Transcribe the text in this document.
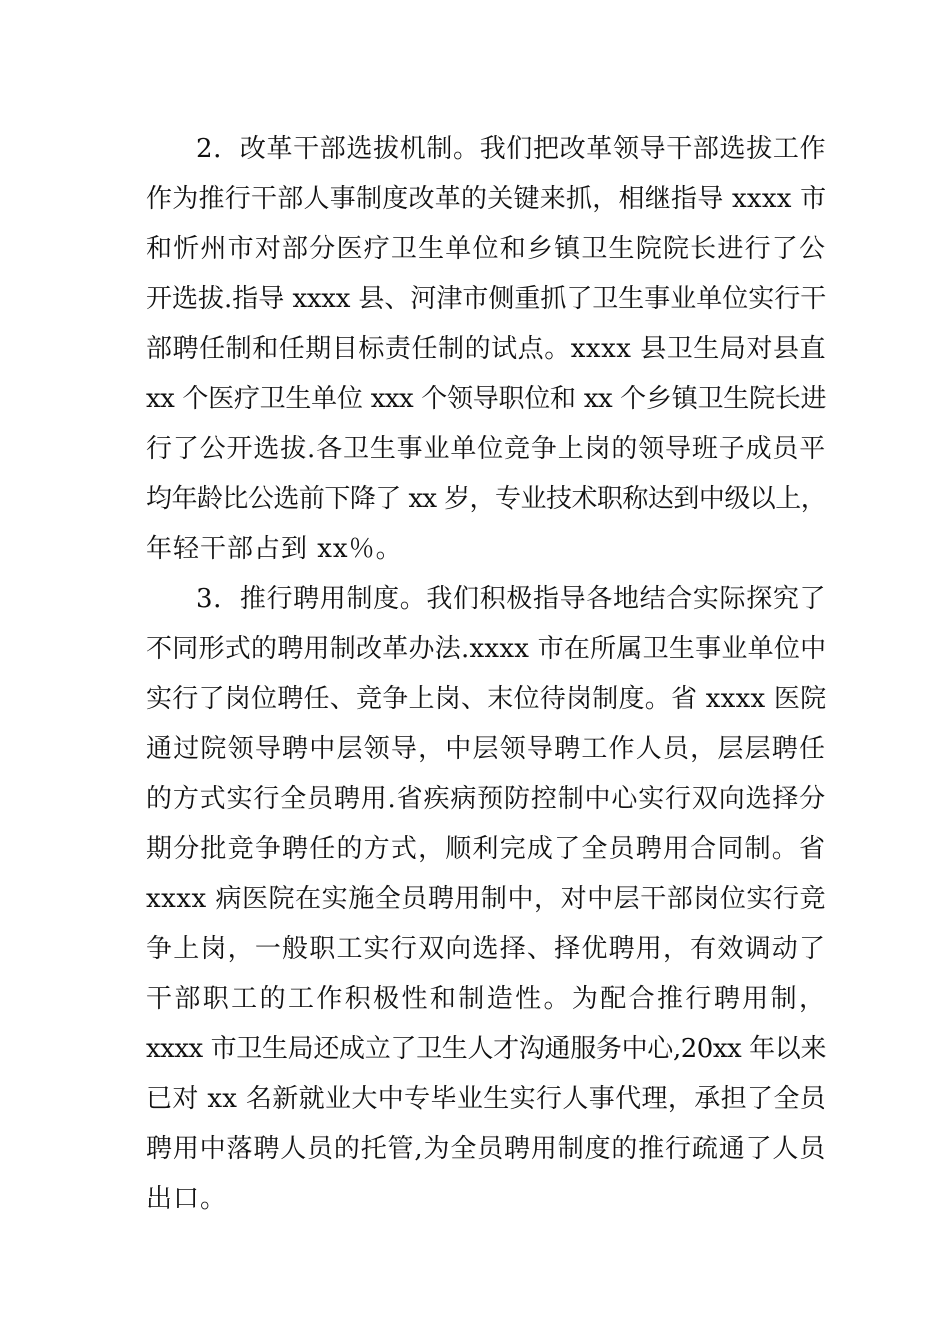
2．改革干部选拔机制。我们把改革领导干部选拔工作

作为推行干部人事制度改革的关键来抓，相继指导 xxxx 市

和忻州市对部分医疗卫生单位和乡镇卫生院院长进行了公

开选拔.指导 xxxx 县、河津市侧重抓了卫生事业单位实行干

部聘任制和任期目标责任制的试点。xxxx 县卫生局对县直

xx 个医疗卫生单位 xxx 个领导职位和 xx 个乡镇卫生院长进

行了公开选拔.各卫生事业单位竞争上岗的领导班子成员平

均年龄比公选前下降了 xx 岁，专业技术职称达到中级以上，

年轻干部占到 xx％。

3．推行聘用制度。我们积极指导各地结合实际探究了

不同形式的聘用制改革办法.xxxx 市在所属卫生事业单位中

实行了岗位聘任、竞争上岗、末位待岗制度。省 xxxx 医院

通过院领导聘中层领导，中层领导聘工作人员，层层聘任

的方式实行全员聘用.省疾病预防控制中心实行双向选择分

期分批竞争聘任的方式，顺利完成了全员聘用合同制。省

xxxx 病医院在实施全员聘用制中，对中层干部岗位实行竞

争上岗，一般职工实行双向选择、择优聘用，有效调动了

干部职工的工作积极性和制造性。为配合推行聘用制，

xxxx 市卫生局还成立了卫生人才沟通服务中心,20xx 年以来

已对 xx 名新就业大中专毕业生实行人事代理，承担了全员

聘用中落聘人员的托管,为全员聘用制度的推行疏通了人员

出口。
